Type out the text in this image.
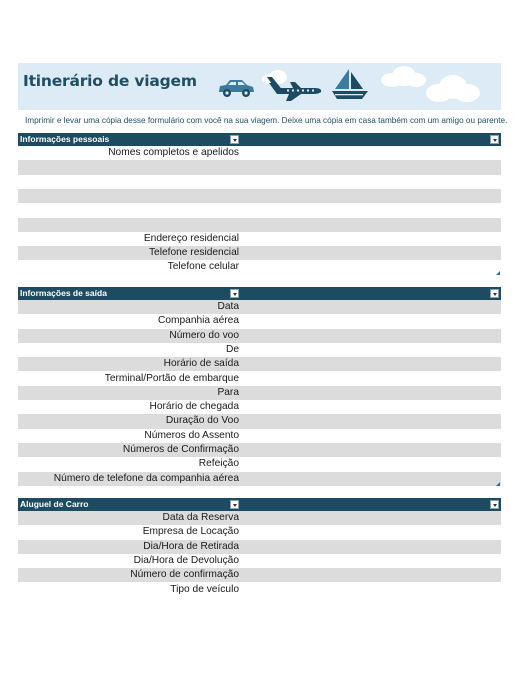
Itinerário de viagem
Imprimir e levar uma cópia desse formulário com você na sua viagem. Deixe uma cópia em casa também com um amigo ou parente.
Informações pessoais
Nomes completos e apelidos
Endereço residencial
Telefone residencial
Telefone celular
Informações de saída
Data
Companhia aérea
Número do voo
De
Horário de saída
Terminal/Portão de embarque
Para
Horário de chegada
Duração do Voo
Números do Assento
Números de Confirmação
Refeição
Número de telefone da companhia aérea
Aluguel de Carro
Data da Reserva
Empresa de Locação
Dia/Hora de Retirada
Dia/Hora de Devolução
Número de confirmação
Tipo de veículo
